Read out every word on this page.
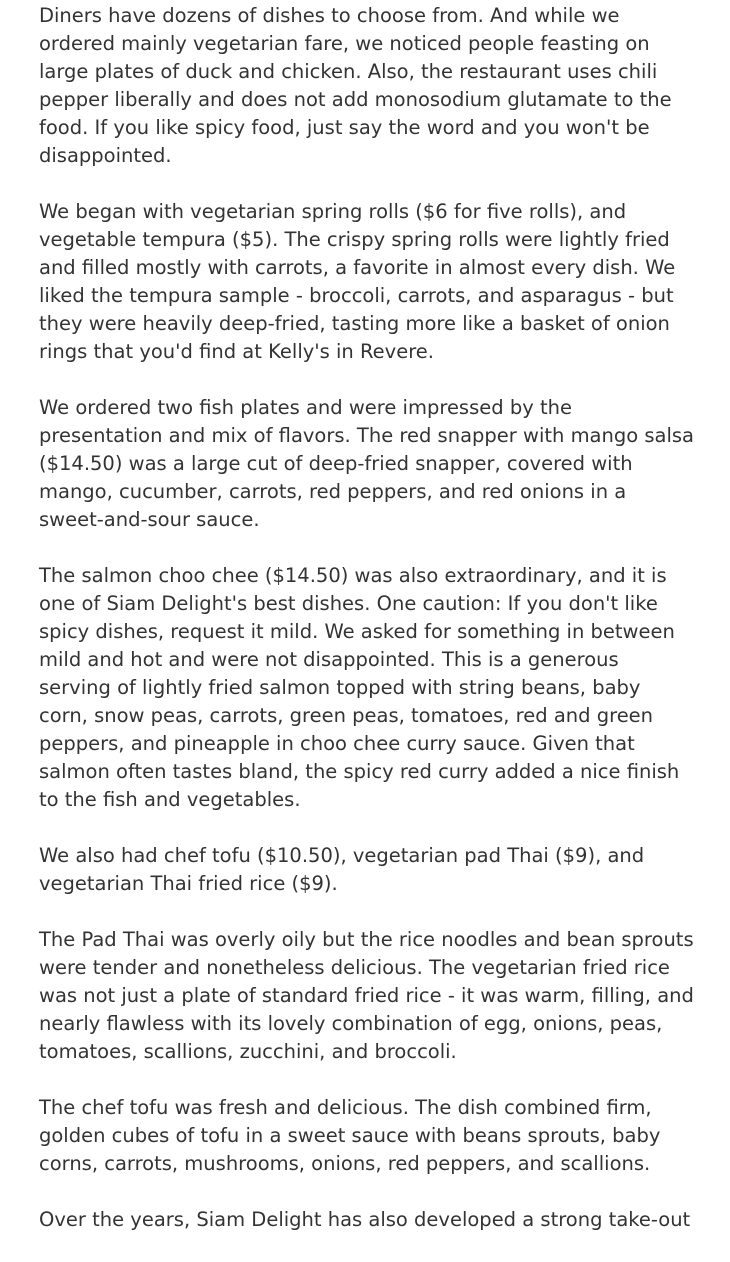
Diners have dozens of dishes to choose from. And while we ordered mainly vegetarian fare, we noticed people feasting on large plates of duck and chicken. Also, the restaurant uses chili pepper liberally and does not add monosodium glutamate to the food. If you like spicy food, just say the word and you won't be disappointed.

We began with vegetarian spring rolls ($6 for five rolls), and vegetable tempura ($5). The crispy spring rolls were lightly fried and filled mostly with carrots, a favorite in almost every dish. We liked the tempura sample - broccoli, carrots, and asparagus - but they were heavily deep-fried, tasting more like a basket of onion rings that you'd find at Kelly's in Revere.

We ordered two fish plates and were impressed by the presentation and mix of flavors. The red snapper with mango salsa ($14.50) was a large cut of deep-fried snapper, covered with mango, cucumber, carrots, red peppers, and red onions in a sweet-and-sour sauce.

The salmon choo chee ($14.50) was also extraordinary, and it is one of Siam Delight's best dishes. One caution: If you don't like spicy dishes, request it mild. We asked for something in between mild and hot and were not disappointed. This is a generous serving of lightly fried salmon topped with string beans, baby corn, snow peas, carrots, green peas, tomatoes, red and green peppers, and pineapple in choo chee curry sauce. Given that salmon often tastes bland, the spicy red curry added a nice finish to the fish and vegetables.

We also had chef tofu ($10.50), vegetarian pad Thai ($9), and vegetarian Thai fried rice ($9).

The Pad Thai was overly oily but the rice noodles and bean sprouts were tender and nonetheless delicious. The vegetarian fried rice was not just a plate of standard fried rice - it was warm, filling, and nearly flawless with its lovely combination of egg, onions, peas, tomatoes, scallions, zucchini, and broccoli.

The chef tofu was fresh and delicious. The dish combined firm, golden cubes of tofu in a sweet sauce with beans sprouts, baby corns, carrots, mushrooms, onions, red peppers, and scallions.

Over the years, Siam Delight has also developed a strong take-out
